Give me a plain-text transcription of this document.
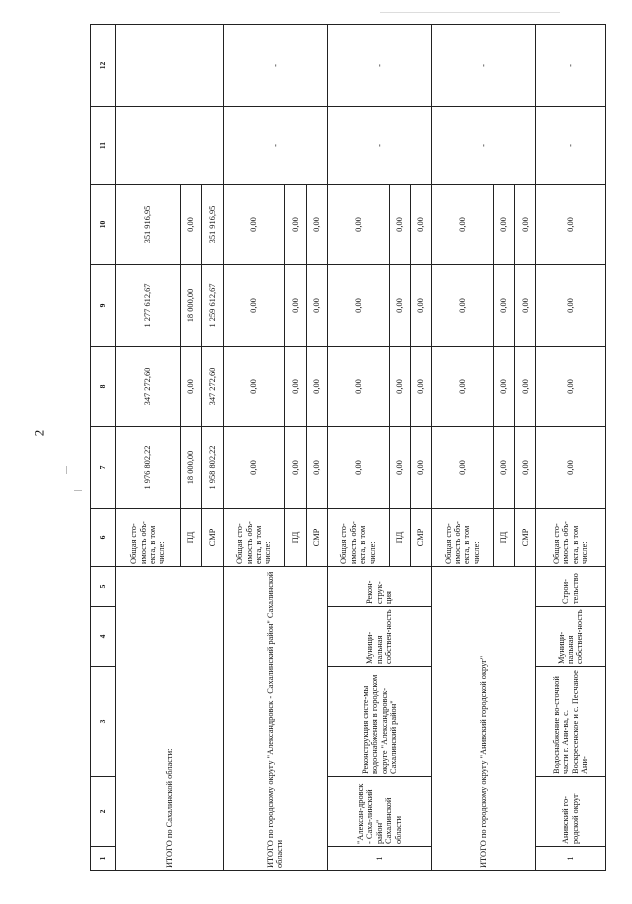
2
1	2	3	4	5	6	7	8	9	10	11	12
ИТОГО по Сахалинской области:					Общая сто-имость объ-екта, в том числе:	1 976 802,22	347 272,60	1 277 612,67	351 916,95		
					ПД	18 000,00	0,00	18 000,00	0,00		
					СМР	1 958 802,22	347 272,60	1 259 612,67	351 916,95		
ИТОГО по городскому округу "Александровск - Сахалинский район" Сахалинской области					Общая сто-имость объ-екта, в том числе:	0,00	0,00	0,00	0,00	-	-
					ПД	0,00	0,00	0,00	0,00		
					СМР	0,00	0,00	0,00	0,00		
1	"Алексан-дровск - Саха-линский район" Сахалинской области	Реконструкция систе-мы водоснабжения в городском округе "Александровск-Сахалинский район"	Муници-пальная собствен-ность	Рекон-струк-ция	Общая сто-имость объ-екта, в том числе:	0,00	0,00	0,00	0,00	-	-
					ПД	0,00	0,00	0,00	0,00		
					СМР	0,00	0,00	0,00	0,00		
ИТОГО по городскому округу "Анивский городской округ"					Общая сто-имость объ-екта, в том числе:	0,00	0,00	0,00	0,00	-	-
					ПД	0,00	0,00	0,00	0,00		
					СМР	0,00	0,00	0,00	0,00		
1	Анивский го-родской округ	Водоснабжение во-сточной части г. Ани-ва, с. Воскресенское и с. Песчаное Ани-	Муници-пальная собствен-ность	Строи-тельство	Общая сто-имость объ-екта, в том числе:	0,00	0,00	0,00	0,00	-	-
